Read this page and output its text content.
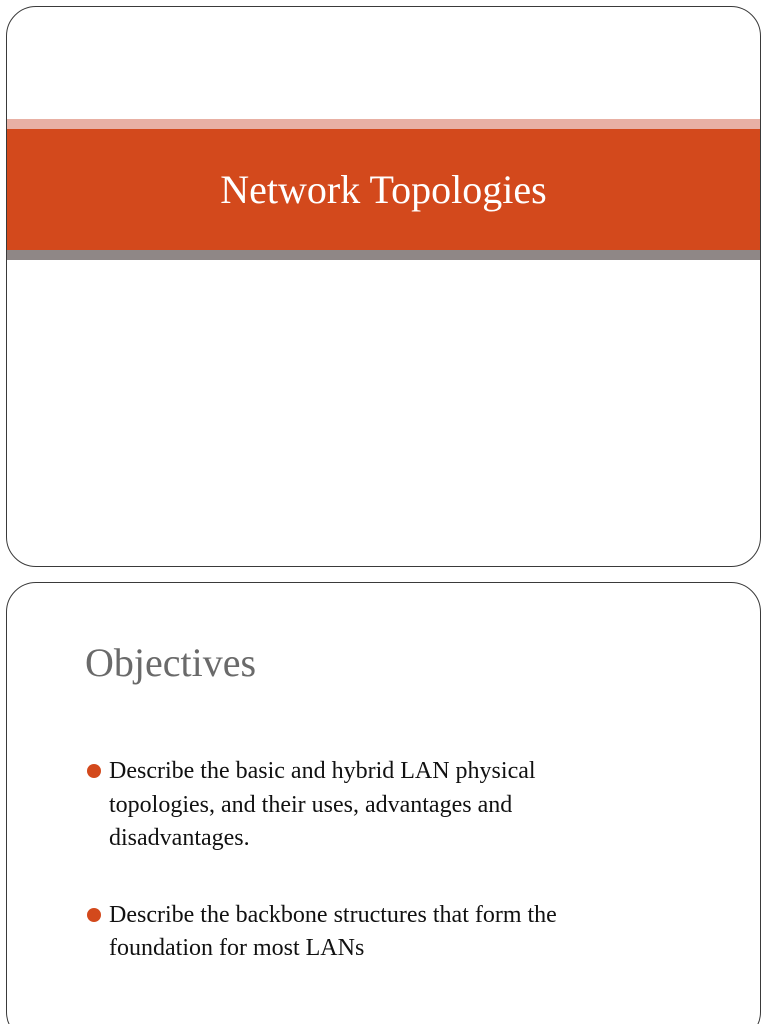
Network Topologies
Objectives
Describe the basic and hybrid LAN physical topologies, and their uses, advantages and disadvantages.
Describe the backbone structures that form the foundation for most LANs
